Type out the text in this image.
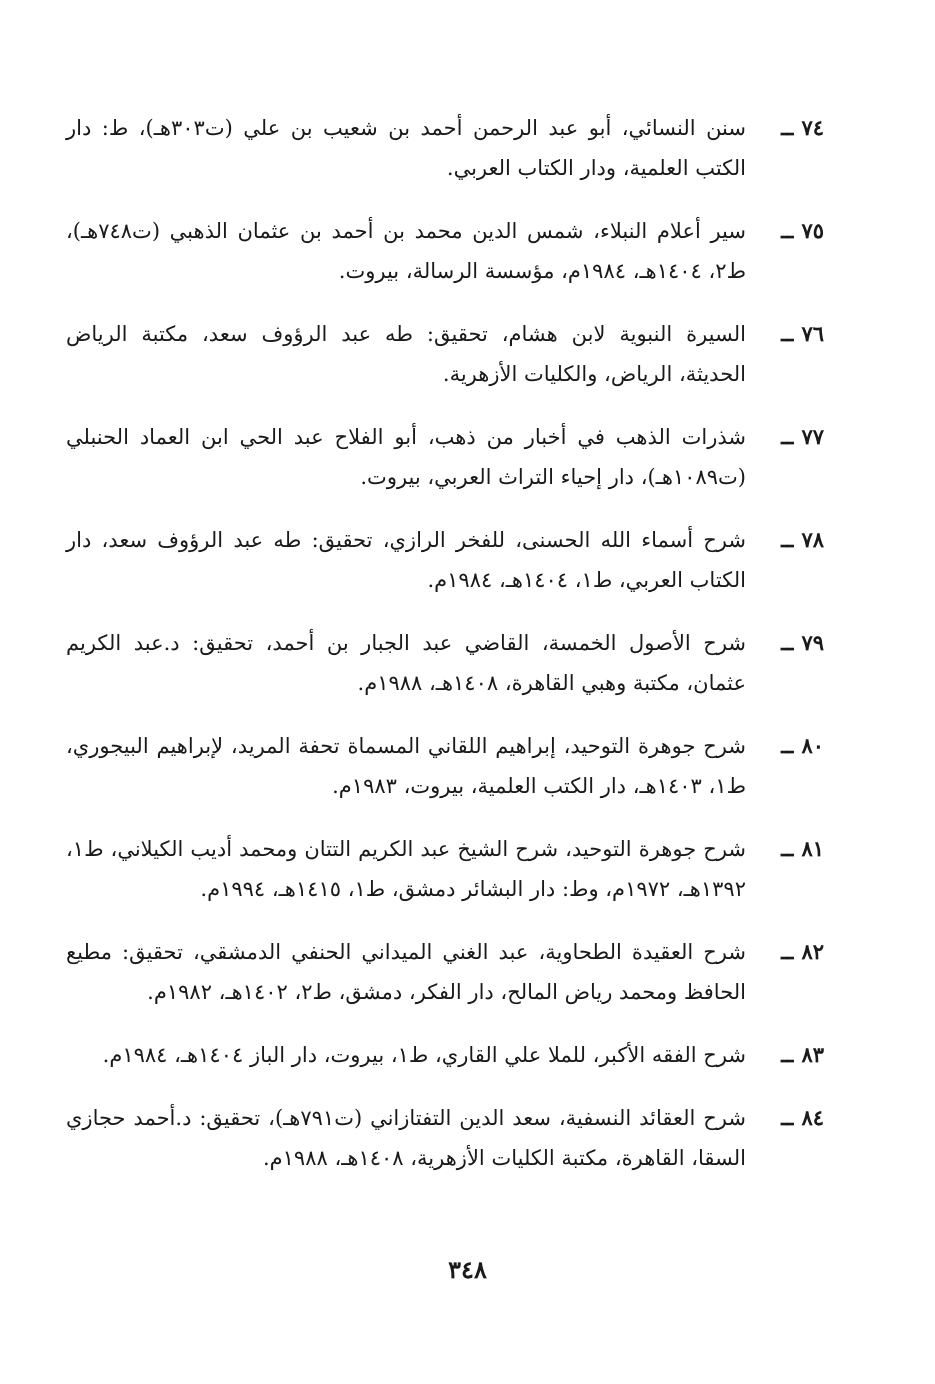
٧٤ــ
سنن النسائي، أبو عبد الرحمن أحمد بن شعيب بن علي (ت٣٠٣هـ)، ط: دار الكتب العلمية، ودار الكتاب العربي.
٧٥ــ
سير أعلام النبلاء، شمس الدين محمد بن أحمد بن عثمان الذهبي (ت٧٤٨هـ)، ط٢، ١٤٠٤هـ، ١٩٨٤م، مؤسسة الرسالة، بيروت.
٧٦ــ
السيرة النبوية لابن هشام، تحقيق: طه عبد الرؤوف سعد، مكتبة الرياض الحديثة، الرياض، والكليات الأزهرية.
٧٧ــ
شذرات الذهب في أخبار من ذهب، أبو الفلاح عبد الحي ابن العماد الحنبلي (ت١٠٨٩هـ)، دار إحياء التراث العربي، بيروت.
٧٨ــ
شرح أسماء الله الحسنى، للفخر الرازي، تحقيق: طه عبد الرؤوف سعد، دار الكتاب العربي، ط١، ١٤٠٤هـ، ١٩٨٤م.
٧٩ــ
شرح الأصول الخمسة، القاضي عبد الجبار بن أحمد، تحقيق: د.عبد الكريم عثمان، مكتبة وهبي القاهرة، ١٤٠٨هـ، ١٩٨٨م.
٨٠ــ
شرح جوهرة التوحيد، إبراهيم اللقاني المسماة تحفة المريد، لإبراهيم البيجوري، ط١، ١٤٠٣هـ، دار الكتب العلمية، بيروت، ١٩٨٣م.
٨١ــ
شرح جوهرة التوحيد، شرح الشيخ عبد الكريم التتان ومحمد أديب الكيلاني، ط١، ١٣٩٢هـ، ١٩٧٢م، وط: دار البشائر دمشق، ط١، ١٤١٥هـ، ١٩٩٤م.
٨٢ــ
شرح العقيدة الطحاوية، عبد الغني الميداني الحنفي الدمشقي، تحقيق: مطيع الحافظ ومحمد رياض المالح، دار الفكر، دمشق، ط٢، ١٤٠٢هـ، ١٩٨٢م.
٨٣ــ
شرح الفقه الأكبر، للملا علي القاري، ط١، بيروت، دار الباز ١٤٠٤هـ، ١٩٨٤م.
٨٤ــ
شرح العقائد النسفية، سعد الدين التفتازاني (ت٧٩١هـ)، تحقيق: د.أحمد حجازي السقا، القاهرة، مكتبة الكليات الأزهرية، ١٤٠٨هـ، ١٩٨٨م.
٣٤٨
